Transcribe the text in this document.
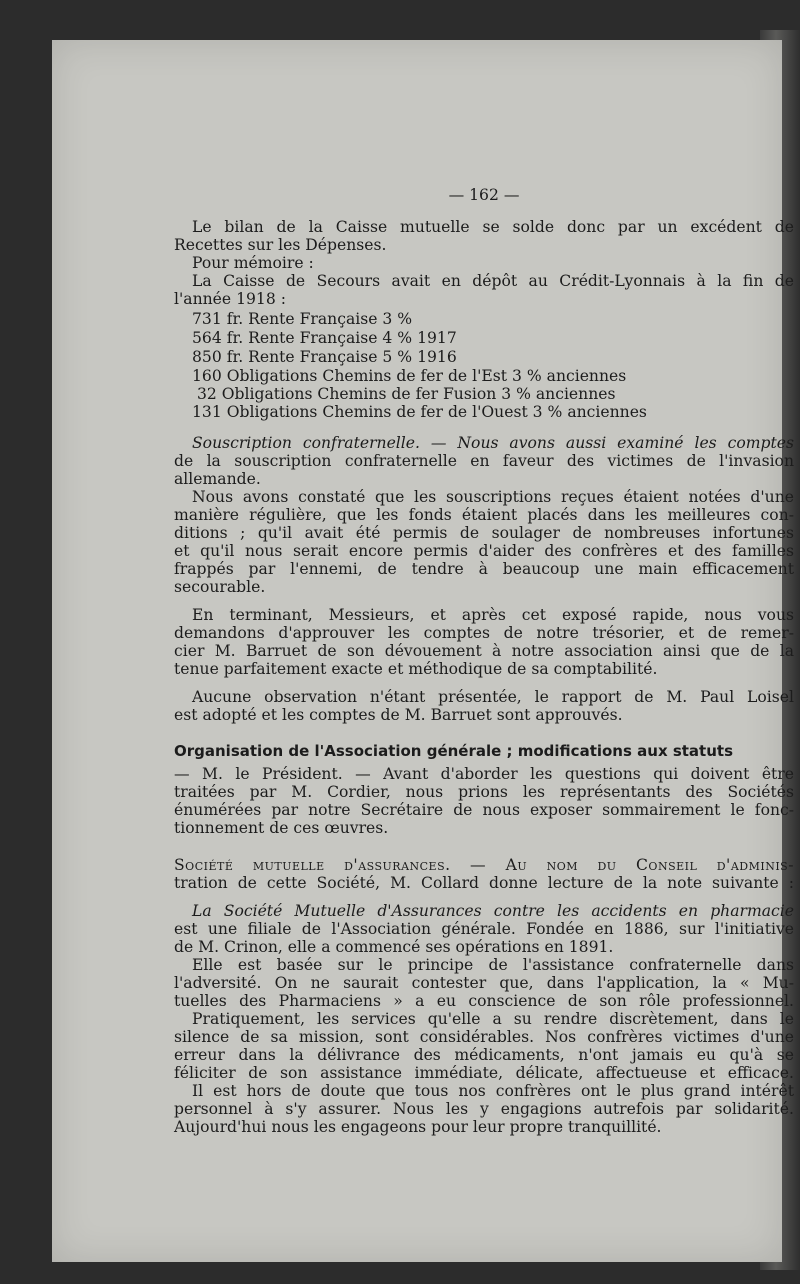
— 162 —
Le bilan de la Caisse mutuelle se solde donc par un excédent de
Recettes sur les Dépenses.
Pour mémoire :
La Caisse de Secours avait en dépôt au Crédit-Lyonnais à la fin de
l'année 1918 :
731 fr. Rente Française 3 %
564 fr. Rente Française 4 % 1917
850 fr. Rente Française 5 % 1916
160 Obligations Chemins de fer de l'Est 3 % anciennes
32 Obligations Chemins de fer Fusion 3 % anciennes
131 Obligations Chemins de fer de l'Ouest 3 % anciennes
Souscription confraternelle. — Nous avons aussi examiné les comptes
de la souscription confraternelle en faveur des victimes de l'invasion
allemande.
Nous avons constaté que les souscriptions reçues étaient notées d'une
manière régulière, que les fonds étaient placés dans les meilleures con-
ditions ; qu'il avait été permis de soulager de nombreuses infortunes
et qu'il nous serait encore permis d'aider des confrères et des familles
frappés par l'ennemi, de tendre à beaucoup une main efficacement
secourable.
En terminant, Messieurs, et après cet exposé rapide, nous vous
demandons d'approuver les comptes de notre trésorier, et de remer-
cier M. Barruet de son dévouement à notre association ainsi que de la
tenue parfaitement exacte et méthodique de sa comptabilité.
Aucune observation n'étant présentée, le rapport de M. Paul Loisel
est adopté et les comptes de M. Barruet sont approuvés.
Organisation de l'Association générale ; modifications aux statuts
— M. le Président. — Avant d'aborder les questions qui doivent être
traitées par M. Cordier, nous prions les représentants des Sociétés
énumérées par notre Secrétaire de nous exposer sommairement le fonc-
tionnement de ces œuvres.
Société mutuelle d'assurances. — Au nom du Conseil d'adminis-
tration de cette Société, M. Collard donne lecture de la note suivante :
La Société Mutuelle d'Assurances contre les accidents en pharmacie
est une filiale de l'Association générale. Fondée en 1886, sur l'initiative
de M. Crinon, elle a commencé ses opérations en 1891.
Elle est basée sur le principe de l'assistance confraternelle dans
l'adversité. On ne saurait contester que, dans l'application, la « Mu-
tuelles des Pharmaciens » a eu conscience de son rôle professionnel.
Pratiquement, les services qu'elle a su rendre discrètement, dans le
silence de sa mission, sont considérables. Nos confrères victimes d'une
erreur dans la délivrance des médicaments, n'ont jamais eu qu'à se
féliciter de son assistance immédiate, délicate, affectueuse et efficace.
Il est hors de doute que tous nos confrères ont le plus grand intérêt
personnel à s'y assurer. Nous les y engagions autrefois par solidarité.
Aujourd'hui nous les engageons pour leur propre tranquillité.
